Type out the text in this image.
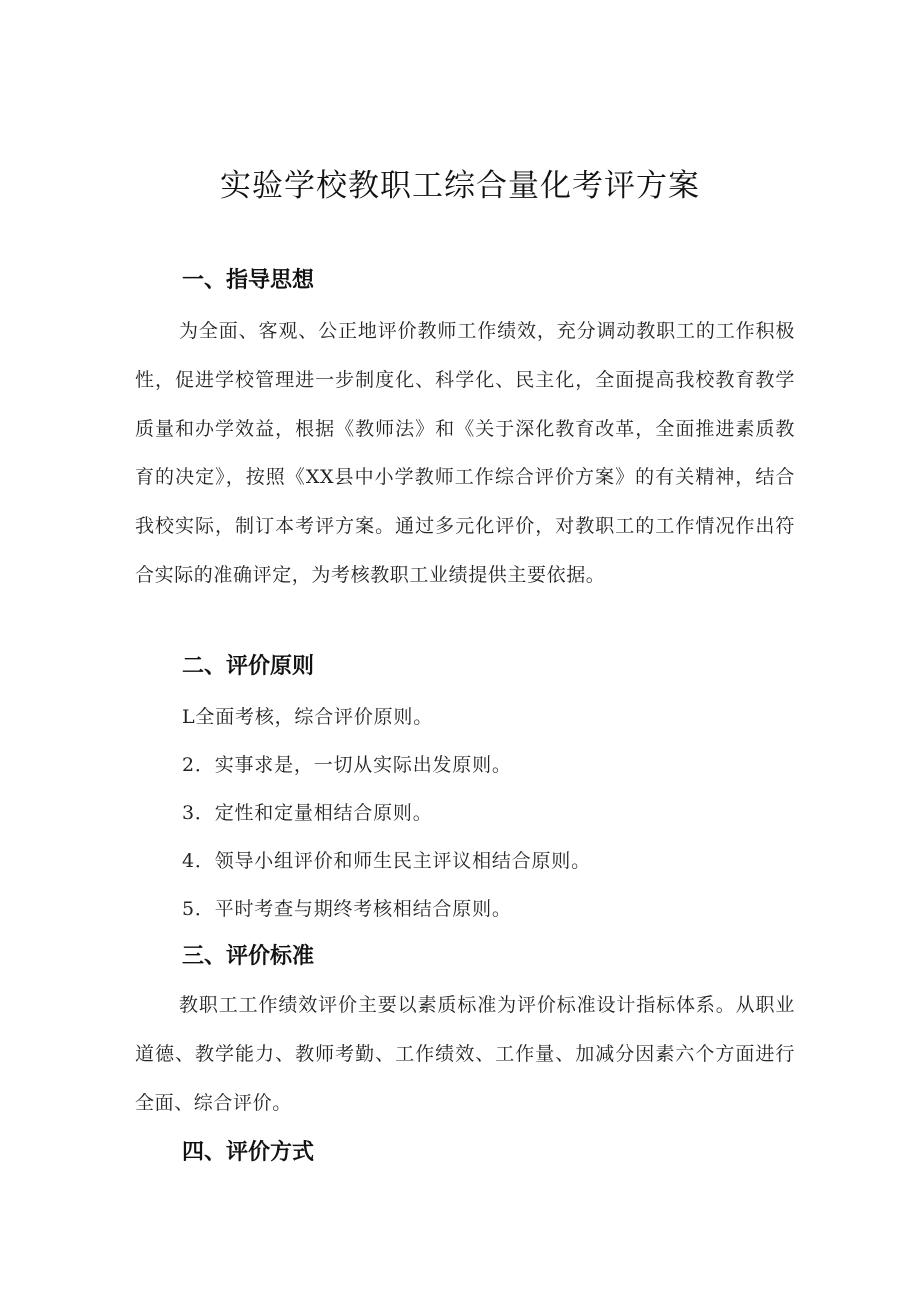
实验学校教职工综合量化考评方案
一、指导思想

为全面、客观、公正地评价教师工作绩效，充分调动教职工的工作积极性，促进学校管理进一步制度化、科学化、民主化，全面提高我校教育教学质量和办学效益，根据《教师法》和《关于深化教育改革，全面推进素质教育的决定》，按照《XX县中小学教师工作综合评价方案》的有关精神，结合我校实际，制订本考评方案。通过多元化评价，对教职工的工作情况作出符合实际的准确评定，为考核教职工业绩提供主要依据。

二、评价原则

L全面考核，综合评价原则。

2．实事求是，一切从实际出发原则。

3．定性和定量相结合原则。

4．领导小组评价和师生民主评议相结合原则。

5．平时考查与期终考核相结合原则。

三、评价标准

教职工工作绩效评价主要以素质标准为评价标准设计指标体系。从职业道德、教学能力、教师考勤、工作绩效、工作量、加减分因素六个方面进行全面、综合评价。

四、评价方式
